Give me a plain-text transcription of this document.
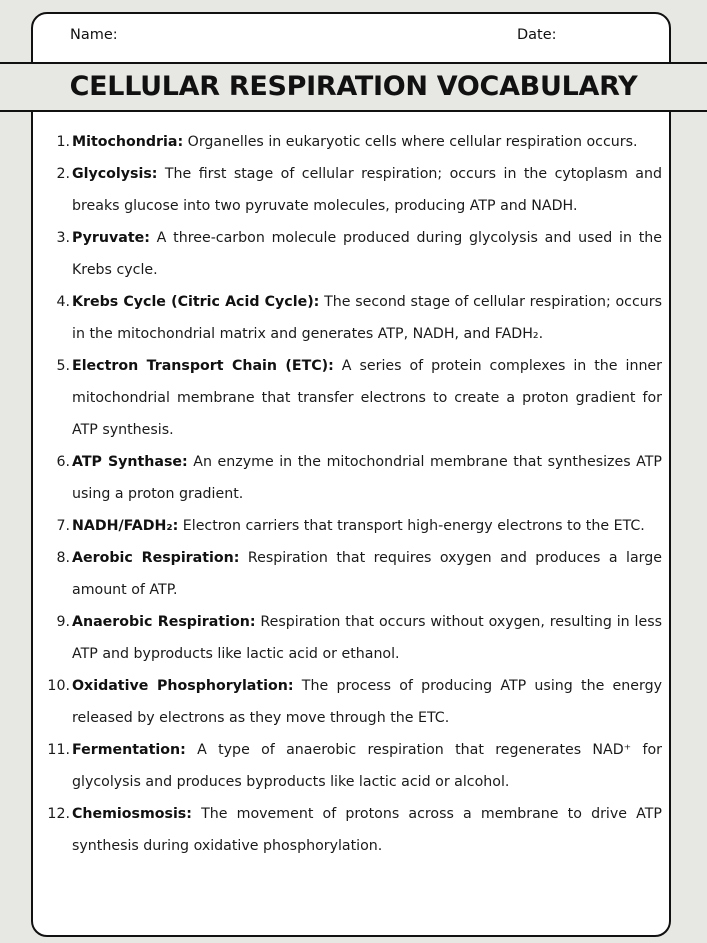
Name:	Date:
CELLULAR RESPIRATION VOCABULARY
1. Mitochondria: Organelles in eukaryotic cells where cellular respiration occurs.
2. Glycolysis: The first stage of cellular respiration; occurs in the cytoplasm and breaks glucose into two pyruvate molecules, producing ATP and NADH.
3. Pyruvate: A three-carbon molecule produced during glycolysis and used in the Krebs cycle.
4. Krebs Cycle (Citric Acid Cycle): The second stage of cellular respiration; occurs in the mitochondrial matrix and generates ATP, NADH, and FADH₂.
5. Electron Transport Chain (ETC): A series of protein complexes in the inner mitochondrial membrane that transfer electrons to create a proton gradient for ATP synthesis.
6. ATP Synthase: An enzyme in the mitochondrial membrane that synthesizes ATP using a proton gradient.
7. NADH/FADH₂: Electron carriers that transport high-energy electrons to the ETC.
8. Aerobic Respiration: Respiration that requires oxygen and produces a large amount of ATP.
9. Anaerobic Respiration: Respiration that occurs without oxygen, resulting in less ATP and byproducts like lactic acid or ethanol.
10. Oxidative Phosphorylation: The process of producing ATP using the energy released by electrons as they move through the ETC.
11. Fermentation: A type of anaerobic respiration that regenerates NAD⁺ for glycolysis and produces byproducts like lactic acid or alcohol.
12. Chemiosmosis: The movement of protons across a membrane to drive ATP synthesis during oxidative phosphorylation.
